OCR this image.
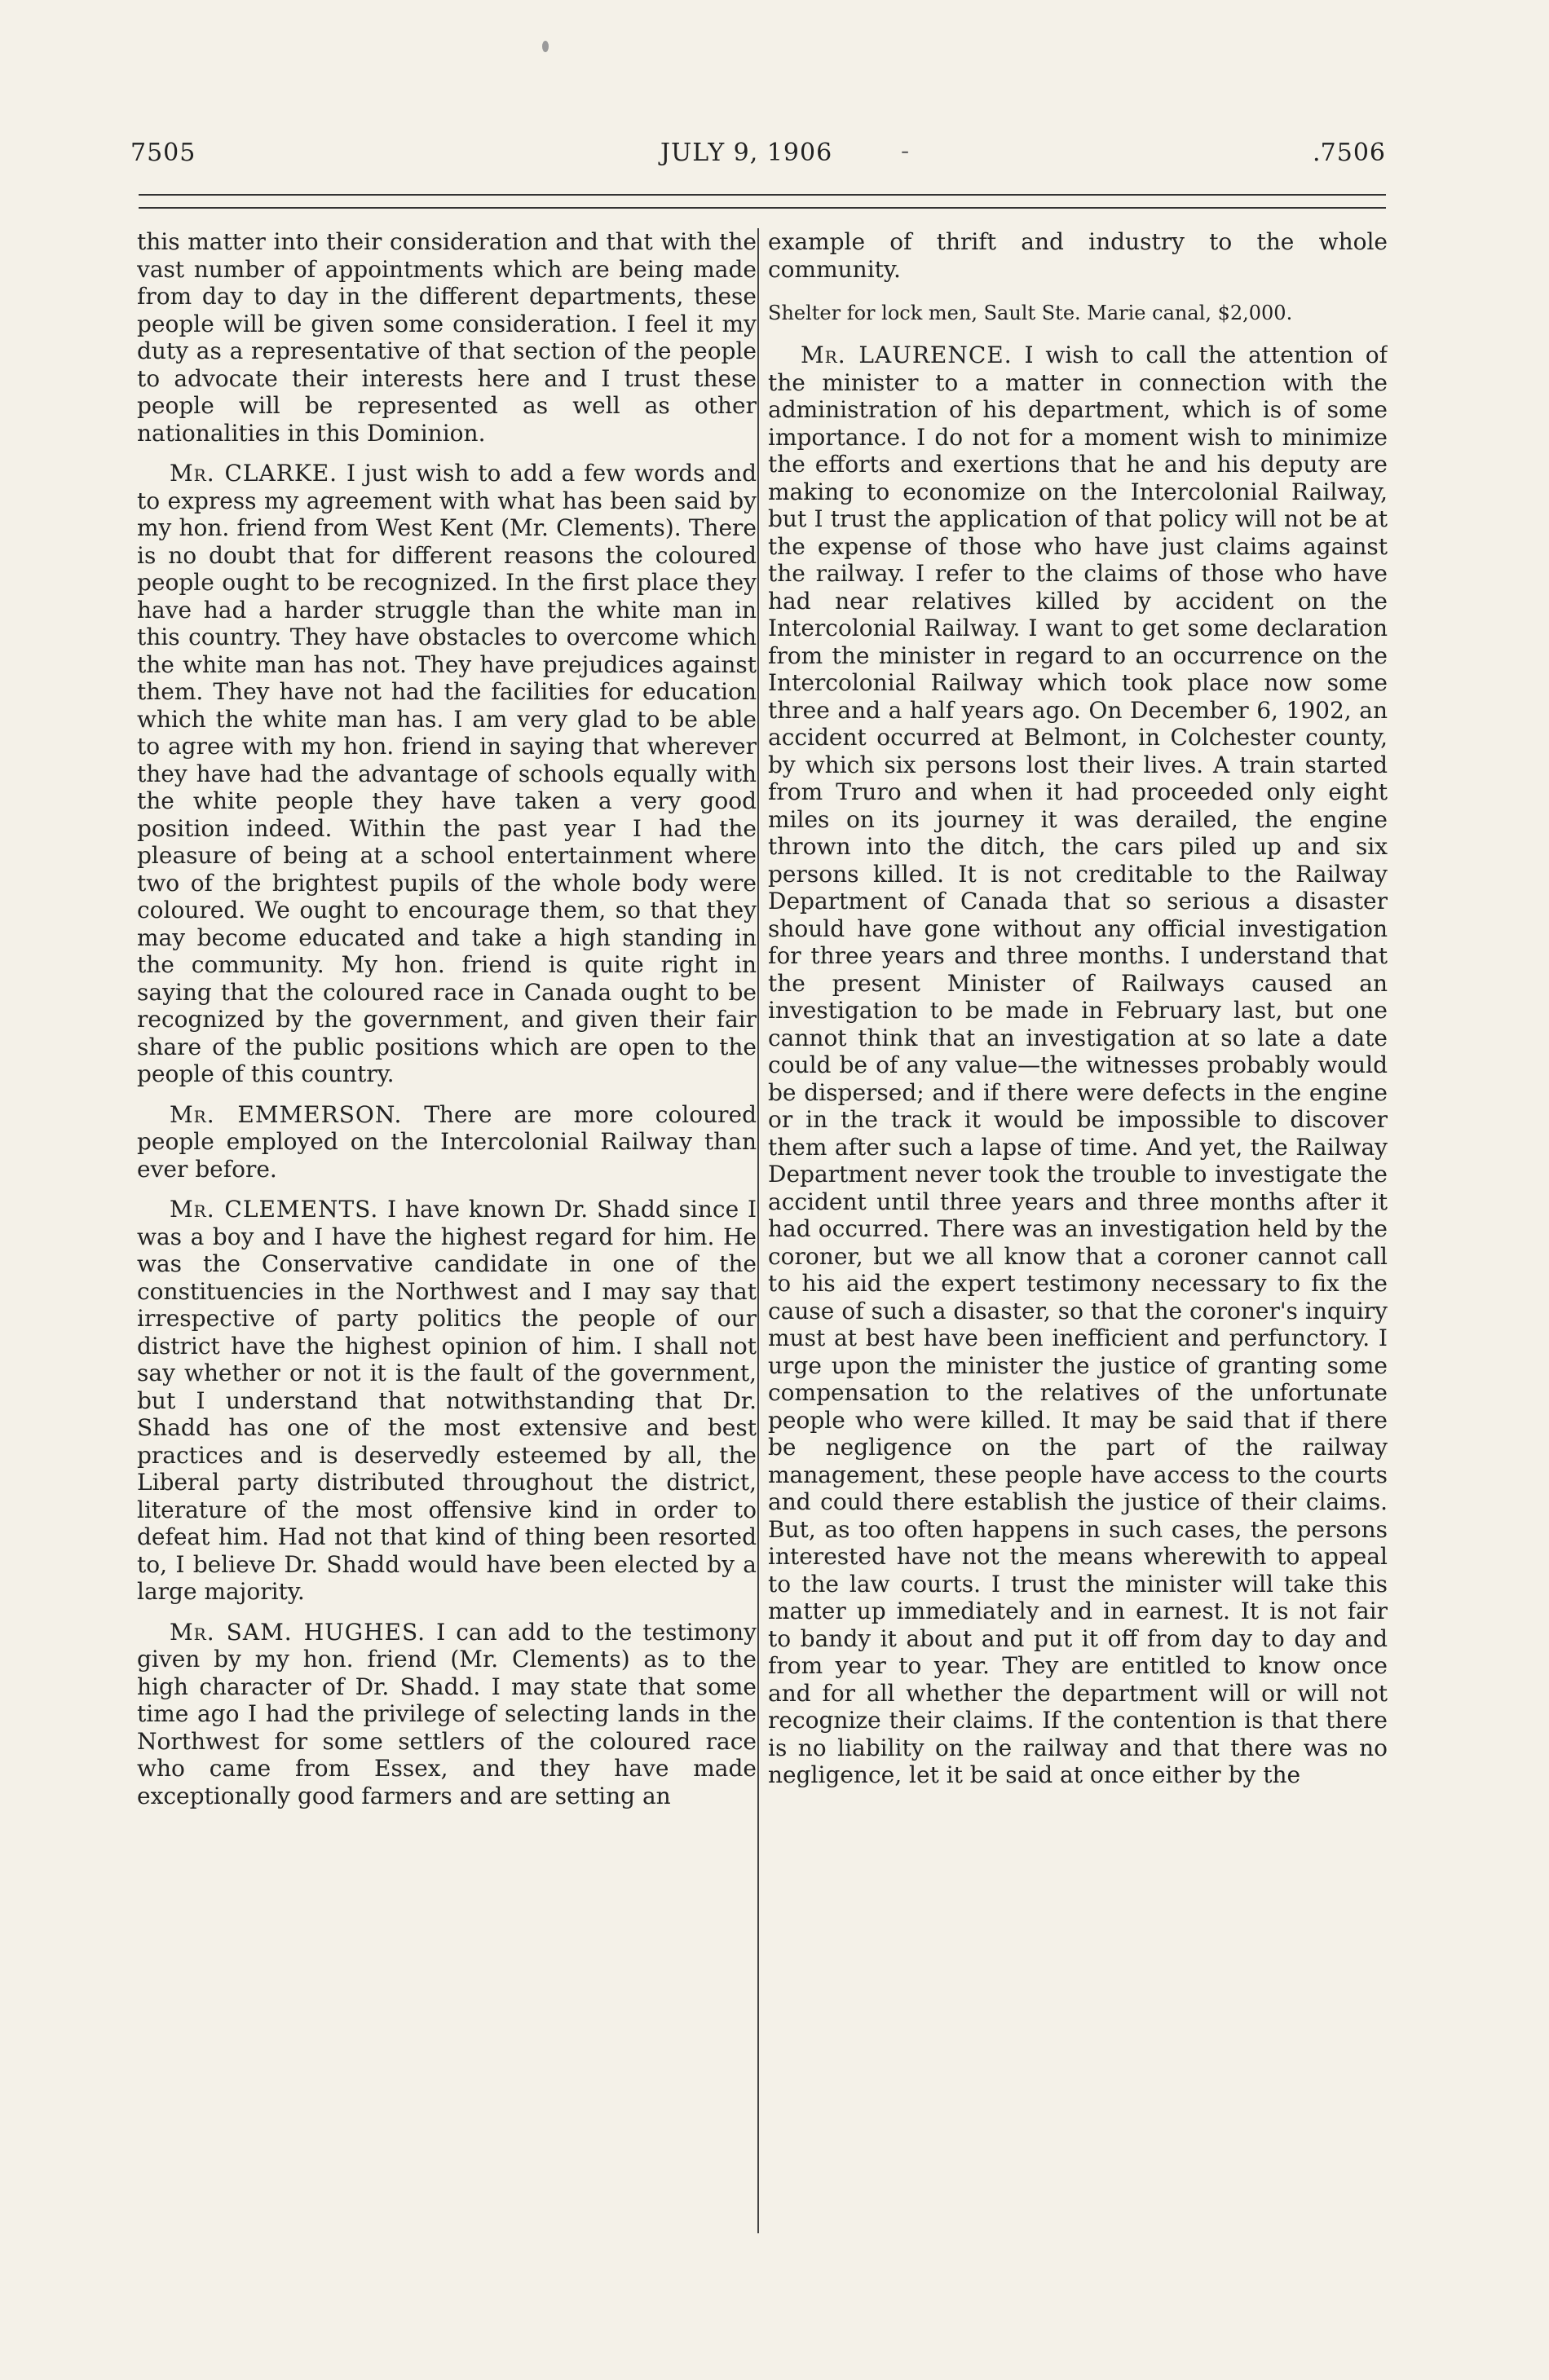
7505	JULY 9, 1906	-	. 7506

this matter into their consideration and that with the vast number of appointments which are being made from day to day in the different departments, these people will be given some consideration. I feel it my duty as a representative of that section of the people to advocate their interests here and I trust these people will be represented as well as other nationalities in this Dominion.

Mr. CLARKE. I just wish to add a few words and to express my agreement with what has been said by my hon. friend from West Kent (Mr. Clements). There is no doubt that for different reasons the coloured people ought to be recognized. In the first place they have had a harder struggle than the white man in this country. They have obstacles to overcome which the white man has not. They have prejudices against them. They have not had the facilities for education which the white man has. I am very glad to be able to agree with my hon. friend in saying that wherever they have had the advantage of schools equally with the white people they have taken a very good position indeed. Within the past year I had the pleasure of being at a school entertainment where two of the brightest pupils of the whole body were coloured. We ought to encourage them, so that they may become educated and take a high standing in the community. My hon. friend is quite right in saying that the coloured race in Canada ought to be recognized by the government, and given their fair share of the public positions which are open to the people of this country.

Mr. EMMERSON. There are more coloured people employed on the Intercolonial Railway than ever before.

Mr. CLEMENTS. I have known Dr. Shadd since I was a boy and I have the highest regard for him. He was the Conservative candidate in one of the constituencies in the Northwest and I may say that irrespective of party politics the people of our district have the highest opinion of him. I shall not say whether or not it is the fault of the government, but I understand that notwithstanding that Dr. Shadd has one of the most extensive and best practices and is deservedly esteemed by all, the Liberal party distributed throughout the district, literature of the most offensive kind in order to defeat him. Had not that kind of thing been resorted to, I believe Dr. Shadd would have been elected by a large majority.

Mr. SAM. HUGHES. I can add to the testimony given by my hon. friend (Mr. Clements) as to the high character of Dr. Shadd. I may state that some time ago I had the privilege of selecting lands in the Northwest for some settlers of the coloured race who came from Essex, and they have made exceptionally good farmers and are setting an

example of thrift and industry to the whole community.

Shelter for lock men, Sault Ste. Marie canal, $2,000.

Mr. LAURENCE. I wish to call the attention of the minister to a matter in connection with the administration of his department, which is of some importance. I do not for a moment wish to minimize the efforts and exertions that he and his deputy are making to economize on the Intercolonial Railway, but I trust the application of that policy will not be at the expense of those who have just claims against the railway. I refer to the claims of those who have had near relatives killed by accident on the Intercolonial Railway. I want to get some declaration from the minister in regard to an occurrence on the Intercolonial Railway which took place now some three and a half years ago. On December 6, 1902, an accident occurred at Belmont, in Colchester county, by which six persons lost their lives. A train started from Truro and when it had proceeded only eight miles on its journey it was derailed, the engine thrown into the ditch, the cars piled up and six persons killed. It is not creditable to the Railway Department of Canada that so serious a disaster should have gone without any official investigation for three years and three months. I understand that the present Minister of Railways caused an investigation to be made in February last, but one cannot think that an investigation at so late a date could be of any value—the witnesses probably would be dispersed; and if there were defects in the engine or in the track it would be impossible to discover them after such a lapse of time. And yet, the Railway Department never took the trouble to investigate the accident until three years and three months after it had occurred. There was an investigation held by the coroner, but we all know that a coroner cannot call to his aid the expert testimony necessary to fix the cause of such a disaster, so that the coroner's inquiry must at best have been inefficient and perfunctory. I urge upon the minister the justice of granting some compensation to the relatives of the unfortunate people who were killed. It may be said that if there be negligence on the part of the railway management, these people have access to the courts and could there establish the justice of their claims. But, as too often happens in such cases, the persons interested have not the means wherewith to appeal to the law courts. I trust the minister will take this matter up immediately and in earnest. It is not fair to bandy it about and put it off from day to day and from year to year. They are entitled to know once and for all whether the department will or will not recognize their claims. If the contention is that there is no liability on the railway and that there was no negligence, let it be said at once either by the
